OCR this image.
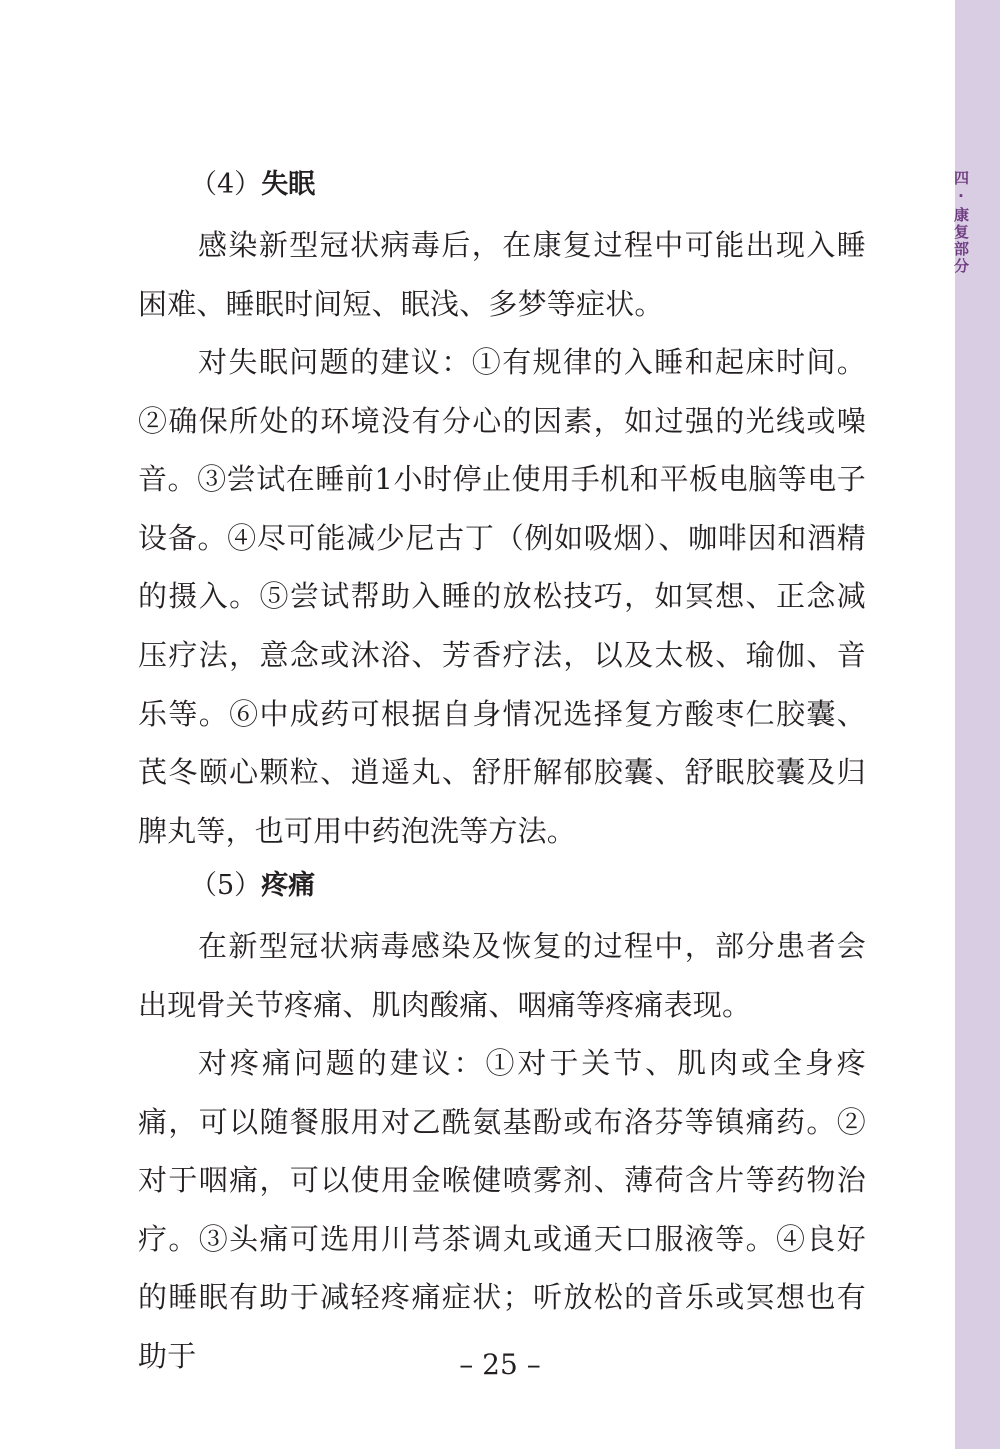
四·康复部分
（4）失眠

感染新型冠状病毒后，在康复过程中可能出现入睡困难、睡眠时间短、眠浅、多梦等症状。

对失眠问题的建议：①有规律的入睡和起床时间。②确保所处的环境没有分心的因素，如过强的光线或噪音。③尝试在睡前1小时停止使用手机和平板电脑等电子设备。④尽可能减少尼古丁（例如吸烟）、咖啡因和酒精的摄入。⑤尝试帮助入睡的放松技巧，如冥想、正念减压疗法，意念或沐浴、芳香疗法，以及太极、瑜伽、音乐等。⑥中成药可根据自身情况选择复方酸枣仁胶囊、芪冬颐心颗粒、逍遥丸、舒肝解郁胶囊、舒眠胶囊及归脾丸等，也可用中药泡洗等方法。

（5）疼痛

在新型冠状病毒感染及恢复的过程中，部分患者会出现骨关节疼痛、肌肉酸痛、咽痛等疼痛表现。

对疼痛问题的建议：①对于关节、肌肉或全身疼痛，可以随餐服用对乙酰氨基酚或布洛芬等镇痛药。②对于咽痛，可以使用金喉健喷雾剂、薄荷含片等药物治疗。③头痛可选用川芎茶调丸或通天口服液等。④良好的睡眠有助于减轻疼痛症状；听放松的音乐或冥想也有助于	– 25 –
